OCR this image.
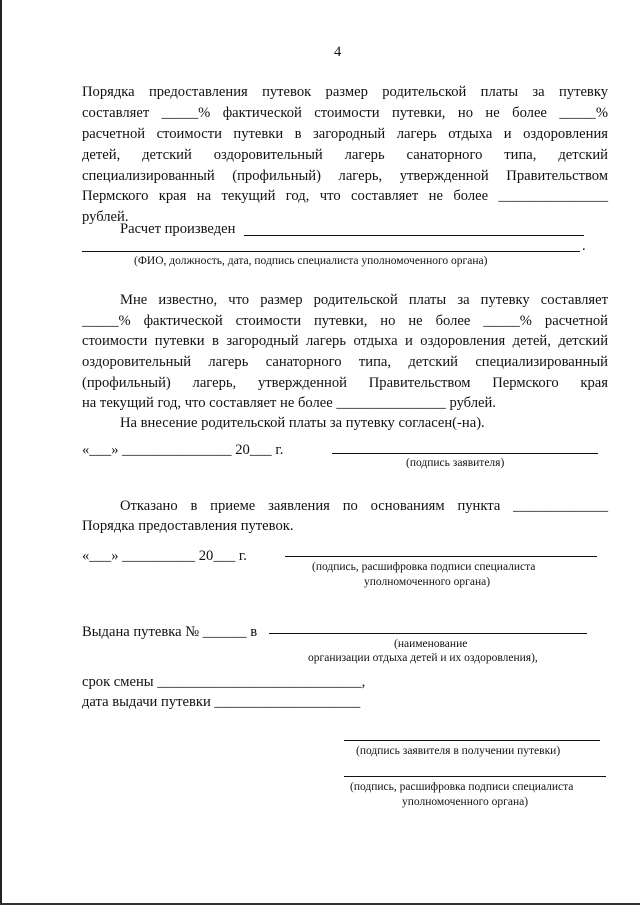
4
Порядка предоставления путевок размер родительской платы за путевку
составляет _____% фактической стоимости путевки, но не более _____%
расчетной стоимости путевки в загородный лагерь отдыха и оздоровления
детей, детский оздоровительный лагерь санаторного типа, детский
специализированный (профильный) лагерь, утвержденной Правительством
Пермского края на текущий год, что составляет не более _______________
рублей.
Расчет произведен
.
(ФИО, должность, дата, подпись специалиста уполномоченного органа)
Мне известно, что размер родительской платы за путевку составляет
_____% фактической стоимости путевки, но не более _____% расчетной
стоимости путевки в загородный лагерь отдыха и оздоровления детей, детский
оздоровительный лагерь санаторного типа, детский специализированный
(профильный) лагерь, утвержденной Правительством Пермского края
на текущий год, что составляет не более _______________ рублей.
На внесение родительской платы за путевку согласен(-на).
«___» _______________ 20___ г.
(подпись заявителя)
Отказано в приеме заявления по основаниям пункта _____________
Порядка предоставления путевок.
«___» __________ 20___ г.
(подпись, расшифровка подписи специалиста
уполномоченного органа)
Выдана путевка № ______ в
(наименование
организации отдыха детей и их оздоровления),
срок смены ____________________________,
дата выдачи путевки ____________________
(подпись заявителя в получении путевки)
(подпись, расшифровка подписи специалиста
уполномоченного органа)
